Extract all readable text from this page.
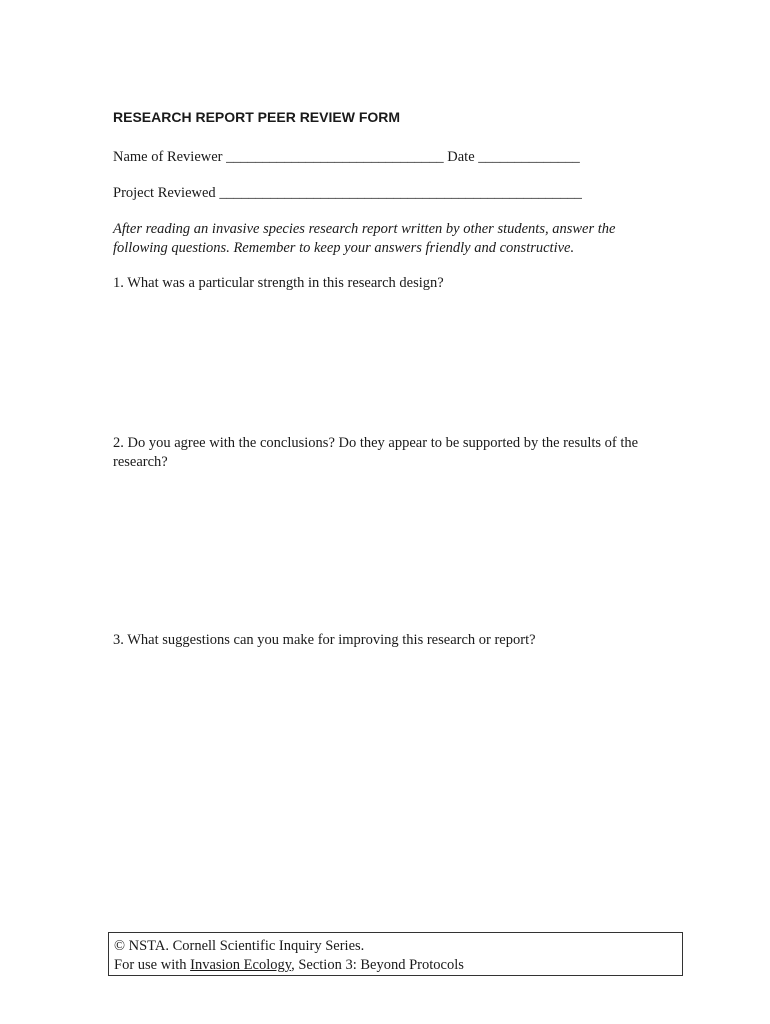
RESEARCH REPORT PEER REVIEW FORM
Name of Reviewer ______________________________ Date ______________
Project Reviewed __________________________________________________
After reading an invasive species research report written by other students, answer the following questions. Remember to keep your answers friendly and constructive.
1. What was a particular strength in this research design?
2. Do you agree with the conclusions? Do they appear to be supported by the results of the research?
3. What suggestions can you make for improving this research or report?
© NSTA. Cornell Scientific Inquiry Series.
For use with Invasion Ecology, Section 3: Beyond Protocols
